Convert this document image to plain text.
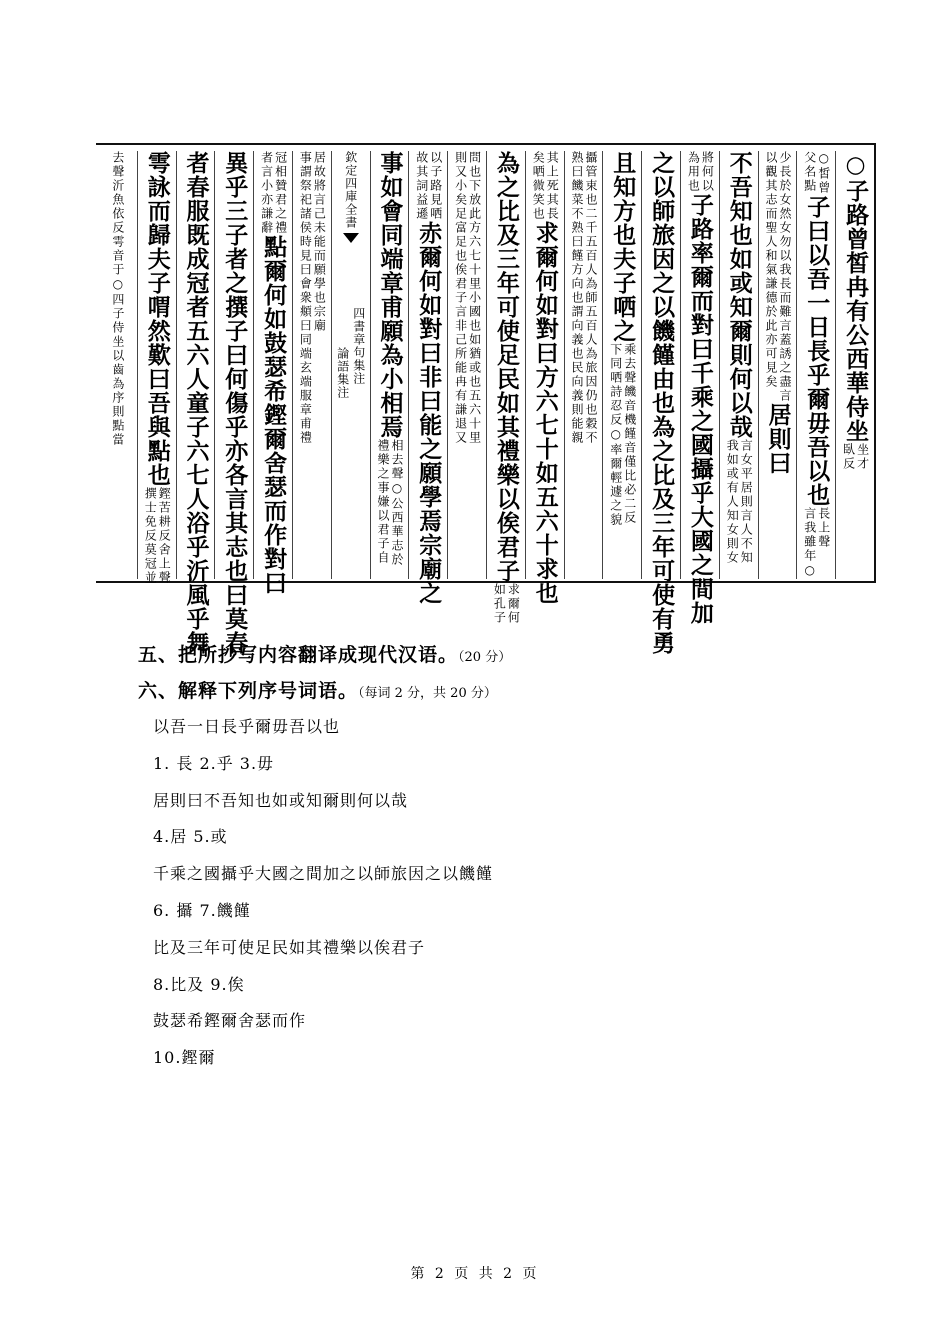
○子路曾皙冉有公西華侍坐
坐才
臥反
○皙曾
父名點
子曰以吾一日長乎爾毋吾以也
長上聲
言我雖年○
少長於女然女勿以我長而難言蓋誘之盡言
以觀其志而聖人和氣謙德於此亦可見矣
居則曰
不吾知也如或知爾則何以哉
言女平居則言人不知
我如或有人知女則女
將何以
為用也
子路率爾而對曰千乘之國攝乎大國之間加
之以師旅因之以饑饉由也為之比及三年可使有勇
且知方也夫子哂之
乘去聲饑音機饉音僅比必二反
下同哂詩忍反○率爾輕遽之貌
攝管束也二千五百人為師五百人為旅因仍也穀不
熟曰饑菜不熟曰饉方向也謂向義也民向義則能親
其上死其長
矣哂微笑也
求爾何如對曰方六七十如五六十求也
為之比及三年可使足民如其禮樂以俟君子
求爾何
如孔子
問也下放此方六七十里小國也如猶或也五六十里
則又小矣足富足也俟君子言非己所能冉有謙退又
以子路見哂
故其詞益遜
赤爾何如對曰非曰能之願學焉宗廟之
事如會同端章甫願為小相焉
相去聲○公西華志於
禮樂之事嫌以君子自
欽定四庫全書
四書章句集注
論語集注
居故將言己未能而願學也宗廟
事謂祭祀諸侯時見曰會衆頫曰同端玄端服章甫禮
冠相贊君之禮
者言小亦謙辭
點爾何如鼓瑟希鏗爾舍瑟而作對曰
異乎三子者之撰子曰何傷乎亦各言其志也曰莫春
者春服既成冠者五六人童子六七人浴乎沂風乎舞
雩詠而歸夫子喟然歎曰吾與點也
鏗苦耕反舍上聲
撰士免反莫冠並
去聲沂魚依反雩音于○四子侍坐以齒為序則點當

五、把所抄写内容翻译成现代汉语。（20 分）

六、解释下列序号词语。（每词 2 分，共 20 分）

以吾一日長乎爾毋吾以也

1. 長 2.乎 3.毋

居則曰不吾知也如或知爾則何以哉

4.居 5.或

千乘之國攝乎大國之間加之以師旅因之以饑饉

6. 攝 7.饑饉

比及三年可使足民如其禮樂以俟君子

8.比及 9.俟

鼓瑟希鏗爾舍瑟而作

10.鏗爾

第 2 页 共 2 页
